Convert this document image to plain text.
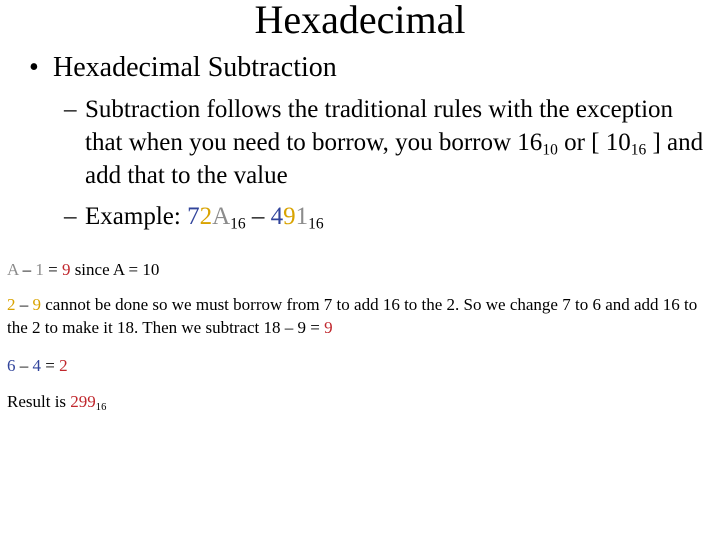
Hexadecimal
• Hexadecimal Subtraction
– Subtraction follows the traditional rules with the exception that when you need to borrow, you borrow $16_{10}$ or [ $10_{16}$ ] and add that to the value
– Example: $72A_{16} - 491_{16}$
A – 1 = 9 since A = 10
2 – 9 cannot be done so we must borrow from 7 to add 16 to the 2. So we change 7 to 6 and add 16 to the 2 to make it 18. Then we subtract 18 – 9 = 9
6 – 4 = 2
Result is $299_{16}$
